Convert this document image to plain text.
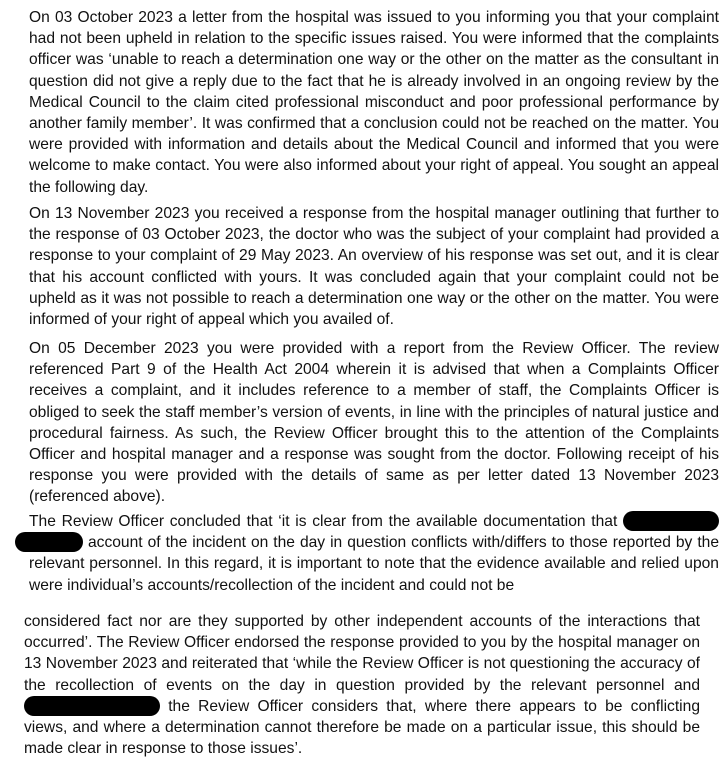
On 03 October 2023 a letter from the hospital was issued to you informing you that your complaint had not been upheld in relation to the specific issues raised. You were informed that the complaints officer was ‘unable to reach a determination one way or the other on the matter as the consultant in question did not give a reply due to the fact that he is already involved in an ongoing review by the Medical Council to the claim cited professional misconduct and poor professional performance by another family member’. It was confirmed that a conclusion could not be reached on the matter. You were provided with information and details about the Medical Council and informed that you were welcome to make contact. You were also informed about your right of appeal. You sought an appeal the following day.

On 13 November 2023 you received a response from the hospital manager outlining that further to the response of 03 October 2023, the doctor who was the subject of your complaint had provided a response to your complaint of 29 May 2023. An overview of his response was set out, and it is clear that his account conflicted with yours. It was concluded again that your complaint could not be upheld as it was not possible to reach a determination one way or the other on the matter. You were informed of your right of appeal which you availed of.

On 05 December 2023 you were provided with a report from the Review Officer. The review referenced Part 9 of the Health Act 2004 wherein it is advised that when a Complaints Officer receives a complaint, and it includes reference to a member of staff, the Complaints Officer is obliged to seek the staff member’s version of events, in line with the principles of natural justice and procedural fairness. As such, the Review Officer brought this to the attention of the Complaints Officer and hospital manager and a response was sought from the doctor. Following receipt of his response you were provided with the details of same as per letter dated 13 November 2023 (referenced above).

The Review Officer concluded that ‘it is clear from the available documentation that  account of the incident on the day in question conflicts with/differs to those reported by the relevant personnel. In this regard, it is important to note that the evidence available and relied upon were individual’s accounts/recollection of the incident and could not be

considered fact nor are they supported by other independent accounts of the interactions that occurred’. The Review Officer endorsed the response provided to you by the hospital manager on 13 November 2023 and reiterated that ‘while the Review Officer is not questioning the accuracy of the recollection of events on the day in question provided by the relevant personnel and  the Review Officer considers that, where there appears to be conflicting views, and where a determination cannot therefore be made on a particular issue, this should be made clear in response to those issues’.
